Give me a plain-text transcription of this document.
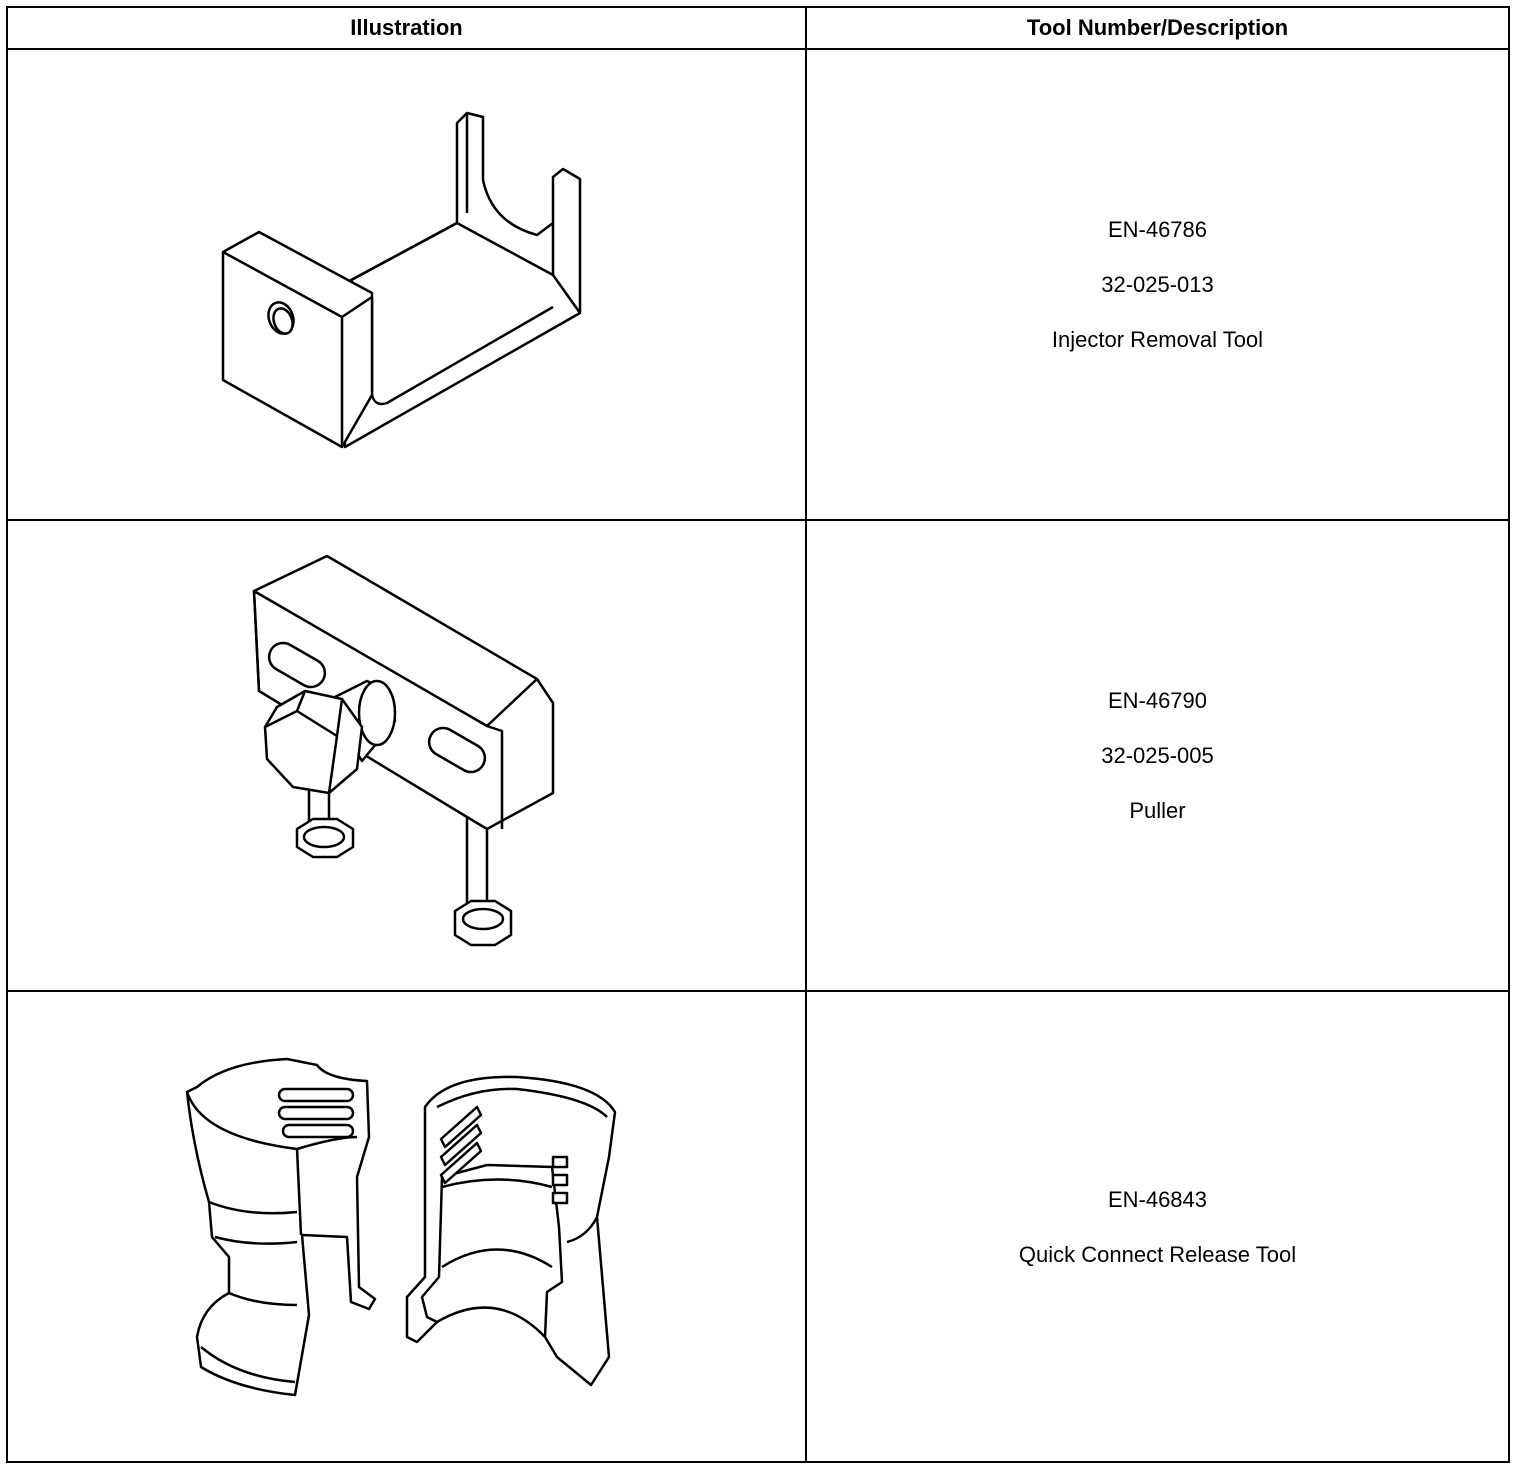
Illustration	Tool Number/Description

EN-46786
32-025-013
Injector Removal Tool

EN-46790
32-025-005
Puller

EN-46843
Quick Connect Release Tool
